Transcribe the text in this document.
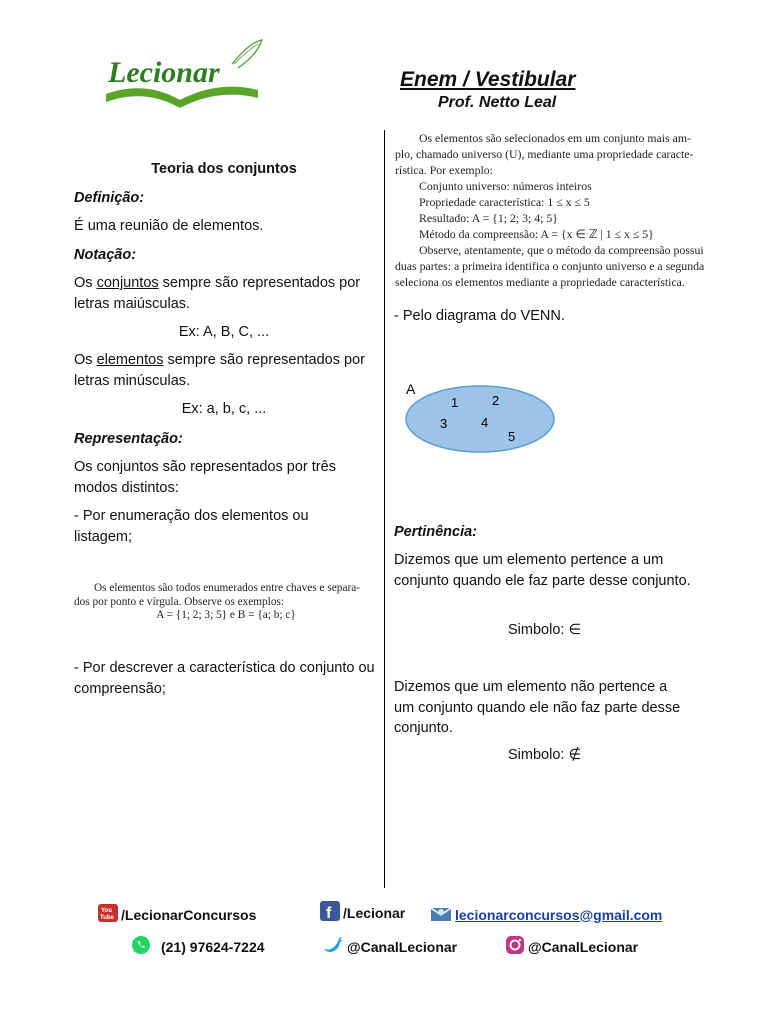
Lecionar	Enem / Vestibular
Prof. Netto Leal
Teoria dos conjuntos
Definição:
É uma reunião de elementos.
Notação:
Os conjuntos sempre são representados por letras maiúsculas.
Ex: A, B, C, ...
Os elementos sempre são representados por letras minúsculas.
Ex: a, b, c, ...
Representação:
Os conjuntos são representados por três modos distintos:
- Por enumeração dos elementos ou listagem;
Os elementos são todos enumerados entre chaves e separa-
dos por ponto e vírgula. Observe os exemplos:
A = {1; 2; 3; 5} e B = {a; b; c}
- Por descrever a característica do conjunto ou compreensão;
Os elementos são selecionados em um conjunto mais am-
plo, chamado universo (U), mediante uma propriedade caracte-
rística. Por exemplo:
Conjunto universo: números inteiros
Propriedade característica: 1 ≤ x ≤ 5
Resultado: A = {1; 2; 3; 4; 5}
Método da compreensão: A = {x ∈ ℤ | 1 ≤ x ≤ 5}
Observe, atentamente, que o método da compreensão possui
duas partes: a primeira identifica o conjunto universo e a segunda
seleciona os elementos mediante a propriedade característica.
- Pelo diagrama do VENN.
A
1	2
3	4
5
Pertinência:
Dizemos que um elemento pertence a um conjunto quando ele faz parte desse conjunto.
Simbolo: ∈
Dizemos que um elemento não pertence a um conjunto quando ele não faz parte desse conjunto.
Simbolo: ∉
You
Tube /LecionarConcursos	f /Lecionar	lecionarconcursos@gmail.com
(21) 97624-7224	@CanalLecionar	@CanalLecionar
